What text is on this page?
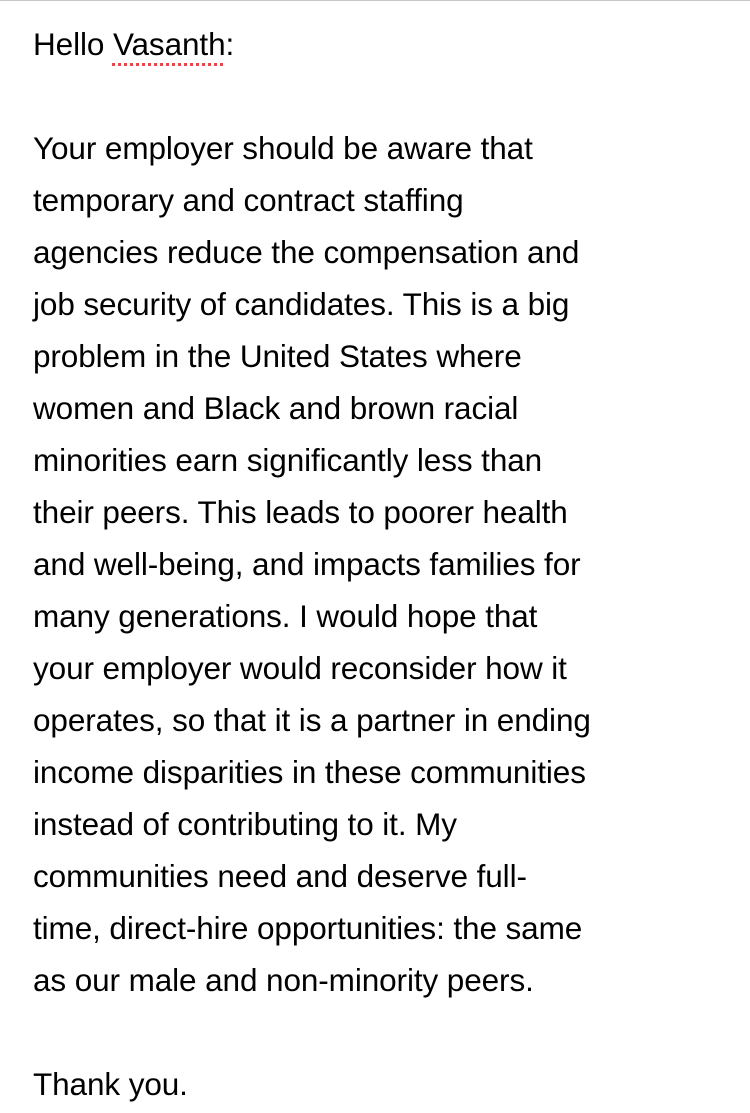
Hello Vasanth:
Your employer should be aware that
temporary and contract staffing
agencies reduce the compensation and
job security of candidates. This is a big
problem in the United States where
women and Black and brown racial
minorities earn significantly less than
their peers. This leads to poorer health
and well-being, and impacts families for
many generations. I would hope that
your employer would reconsider how it
operates, so that it is a partner in ending
income disparities in these communities
instead of contributing to it. My
communities need and deserve full-
time, direct-hire opportunities: the same
as our male and non-minority peers.
Thank you.
